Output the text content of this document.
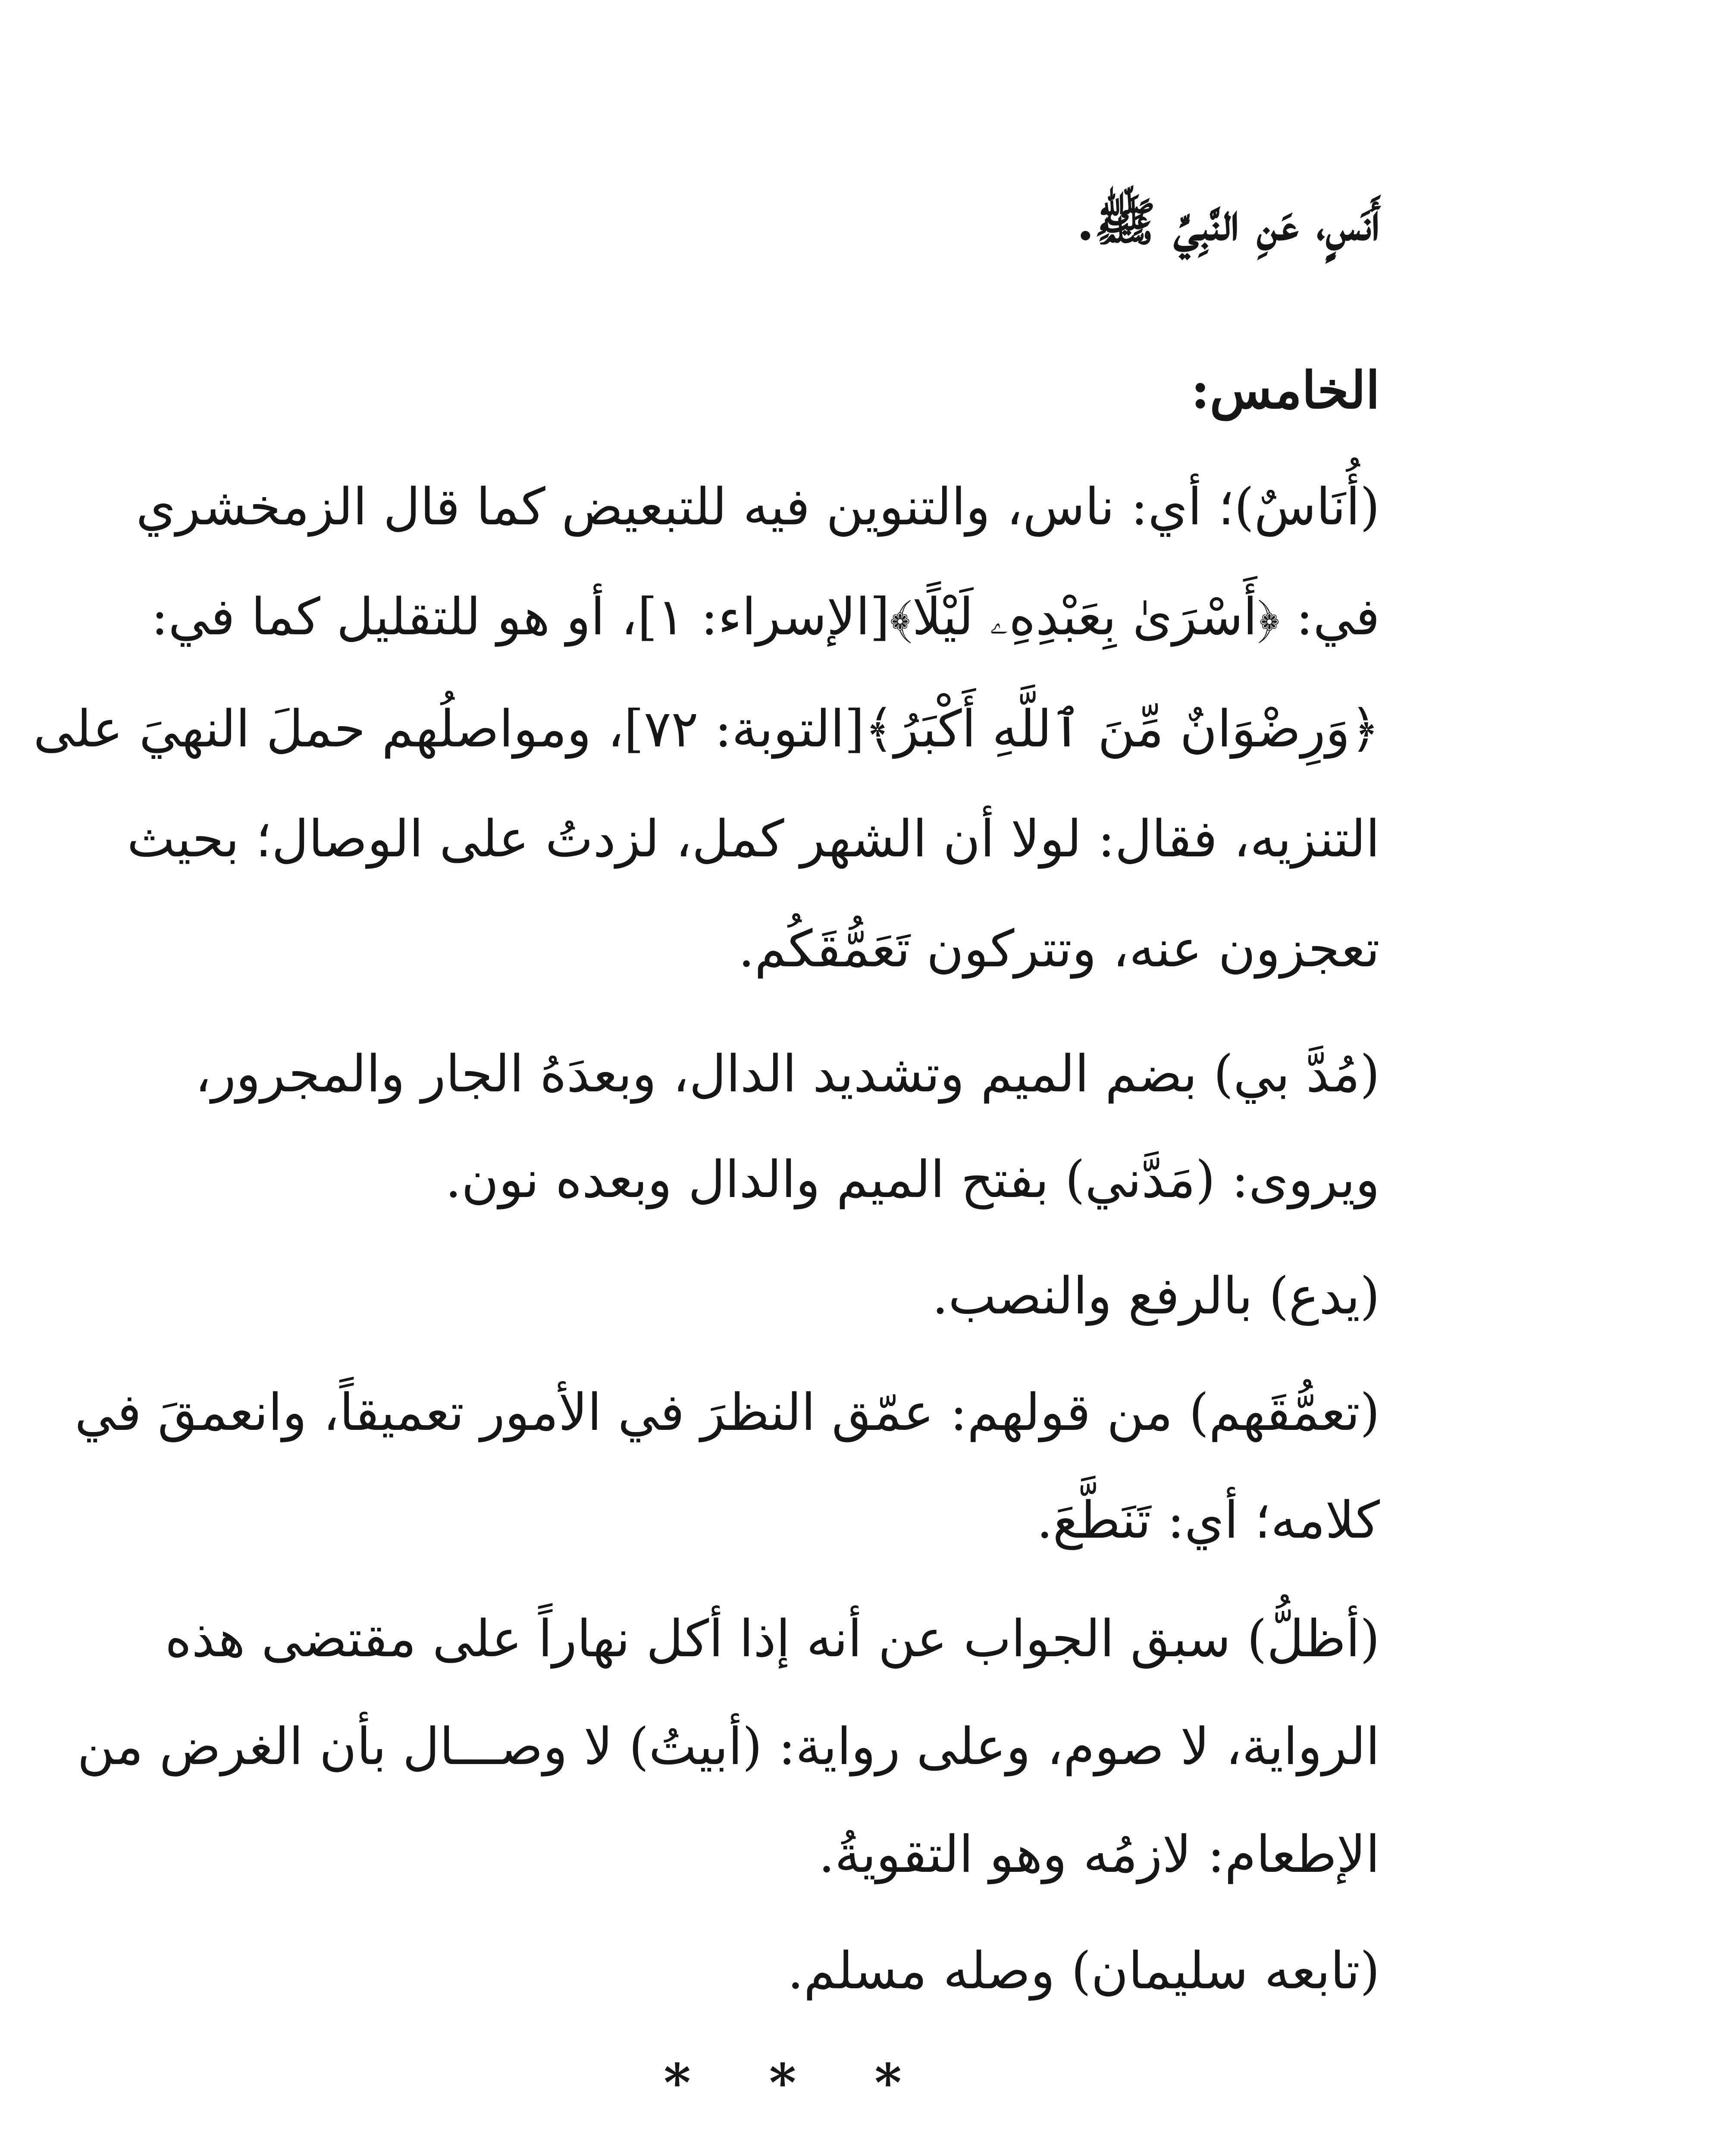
أَنَسٍ، عَنِ النَّبِيِّ ﷺ.
الخامس:
(أُنَاسٌ)؛ أي: ناس، والتنوين فيه للتبعيض كما قال الزمخشري
في: ﴿أَسْرَىٰ بِعَبْدِهِۦ لَيْلًا﴾[الإسراء: ١]، أو هو للتقليل كما في:
﴿وَرِضْوَانٌ مِّنَ ٱللَّهِ أَكْبَرُ﴾[التوبة: ٧٢]، ومواصلُهم حملَ النهيَ على
التنزيه، فقال: لولا أن الشهر كمل، لزدتُ على الوصال؛ بحيث
تعجزون عنه، وتتركون تَعَمُّقَكُم.
(مُدَّ بي) بضم الميم وتشديد الدال، وبعدَهُ الجار والمجرور،
ويروى: (مَدَّني) بفتح الميم والدال وبعده نون.
(يدع) بالرفع والنصب.
(تعمُّقَهم) من قولهم: عمّق النظرَ في الأمور تعميقاً، وانعمقَ في
كلامه؛ أي: تَنَطَّعَ.
(أظلُّ) سبق الجواب عن أنه إذا أكل نهاراً على مقتضى هذه
الرواية، لا صوم، وعلى رواية: (أبيتُ) لا وصـــال بأن الغرض من
الإطعام: لازمُه وهو التقويةُ.
(تابعه سليمان) وصله مسلم.
* * *
